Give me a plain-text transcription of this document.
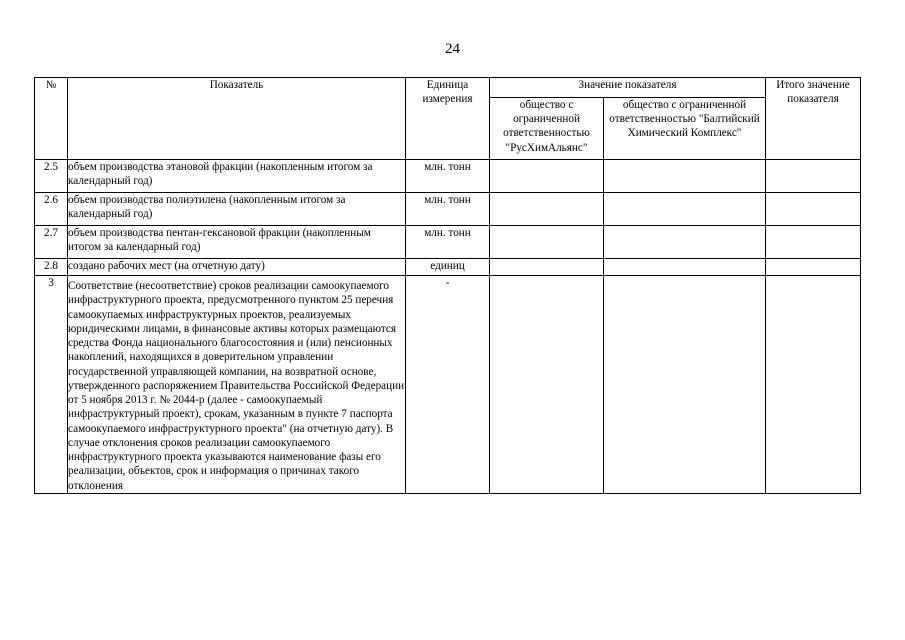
24
№	Показатель	Единица измерения	Значение показателя		Итого значение показателя
			общество с ограниченной ответственностью "РусХимАльянс"	общество с ограниченной ответственностью "Балтийский Химический Комплекс"	
2.5	объем производства этановой фракции (накопленным итогом за календарный год)	млн. тонн			
2.6	объем производства полиэтилена (накопленным итогом за календарный год)	млн. тонн			
2.7	объем производства пентан-гексановой фракции (накопленным итогом за календарный год)	млн. тонн			
2.8	создано рабочих мест (на отчетную дату)	единиц			
3	Соответствие (несоответствие) сроков реализации самоокупаемого инфраструктурного проекта, предусмотренного пунктом 25 перечня самоокупаемых инфраструктурных проектов, реализуемых юридическими лицами, в финансовые активы которых размещаются средства Фонда национального благосостояния и (или) пенсионных накоплений, находящихся в доверительном управлении государственной управляющей компании, на возвратной основе, утвержденного распоряжением Правительства Российской Федерации от 5 ноября 2013 г. № 2044-р (далее - самоокупаемый инфраструктурный проект), срокам, указанным в пункте 7 паспорта самоокупаемого инфраструктурного проекта" (на отчетную дату). В случае отклонения сроков реализации самоокупаемого инфраструктурного проекта указываются наименование фазы его реализации, объектов, срок и информация о причинах такого отклонения	-			
